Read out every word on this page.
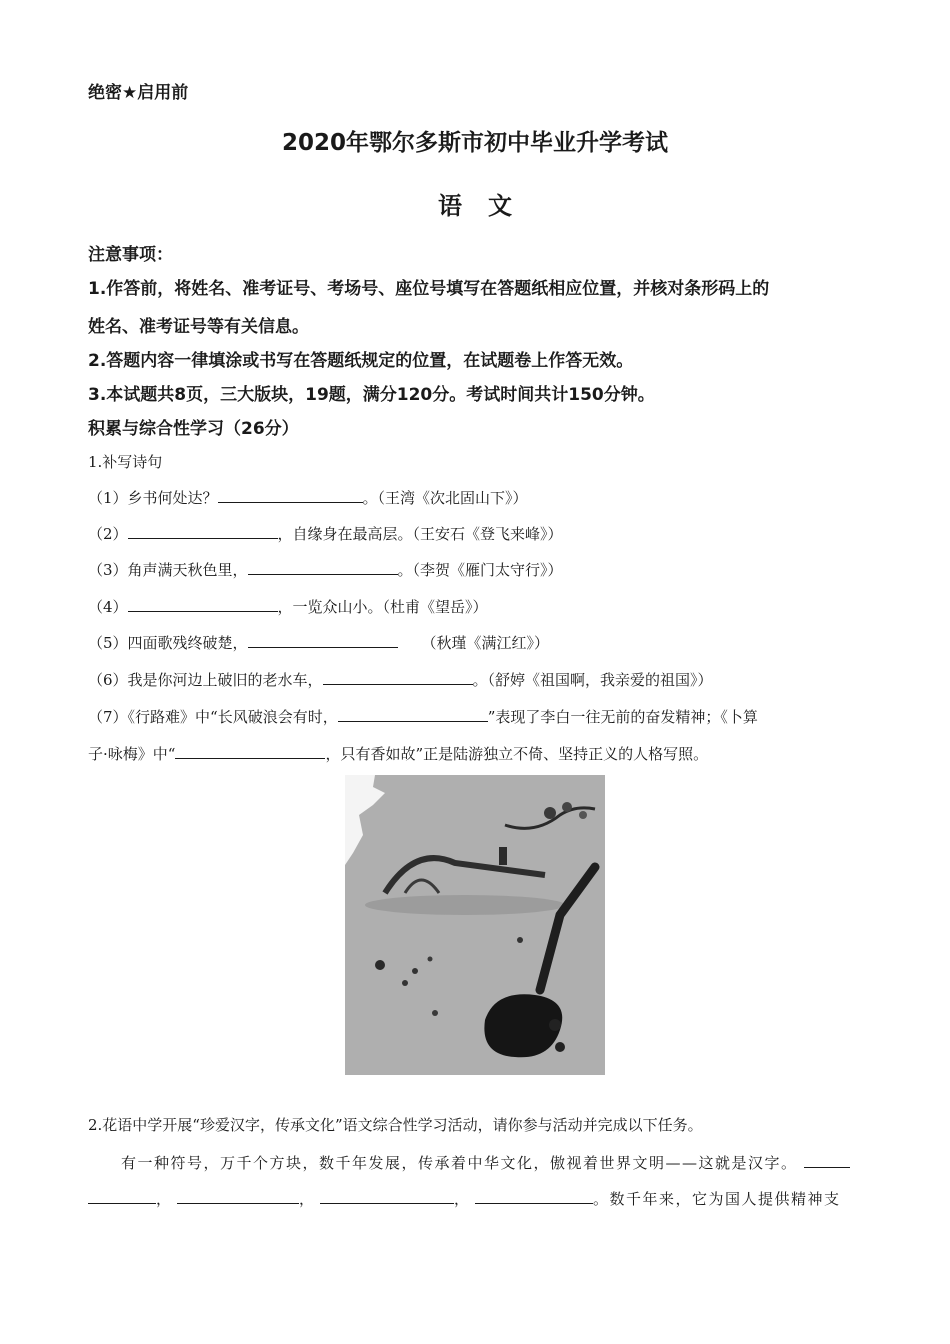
绝密★启用前
2020年鄂尔多斯市初中毕业升学考试
语文
注意事项：
1.作答前，将姓名、准考证号、考场号、座位号填写在答题纸相应位置，并核对条形码上的
姓名、准考证号等有关信息。
2.答题内容一律填涂或书写在答题纸规定的位置，在试题卷上作答无效。
3.本试题共8页，三大版块，19题，满分120分。考试时间共计150分钟。
积累与综合性学习（26分）
1.补写诗句
（1）乡书何处达？	。（王湾《次北固山下》）
（2）	，自缘身在最高层。（王安石《登飞来峰》）
（3）角声满天秋色里，	。（李贺《雁门太守行》）
（4）	，一览众山小。（杜甫《望岳》）
（5）四面歌残终破楚，	（秋瑾《满江红》）
（6）我是你河边上破旧的老水车，	。（舒婷《祖国啊，我亲爱的祖国》）
（7）《行路难》中“长风破浪会有时，	”表现了李白一往无前的奋发精神；《卜算
子·咏梅》中“	，只有香如故”正是陆游独立不倚、坚持正义的人格写照。
2.花语中学开展“珍爱汉字，传承文化”语文综合性学习活动，请你参与活动并完成以下任务。
有一种符号，万千个方块，数千年发展，传承着中华文化，傲视着世界文明——这就是汉字。
，	，	，	。数千年来，它为国人提供精神支
